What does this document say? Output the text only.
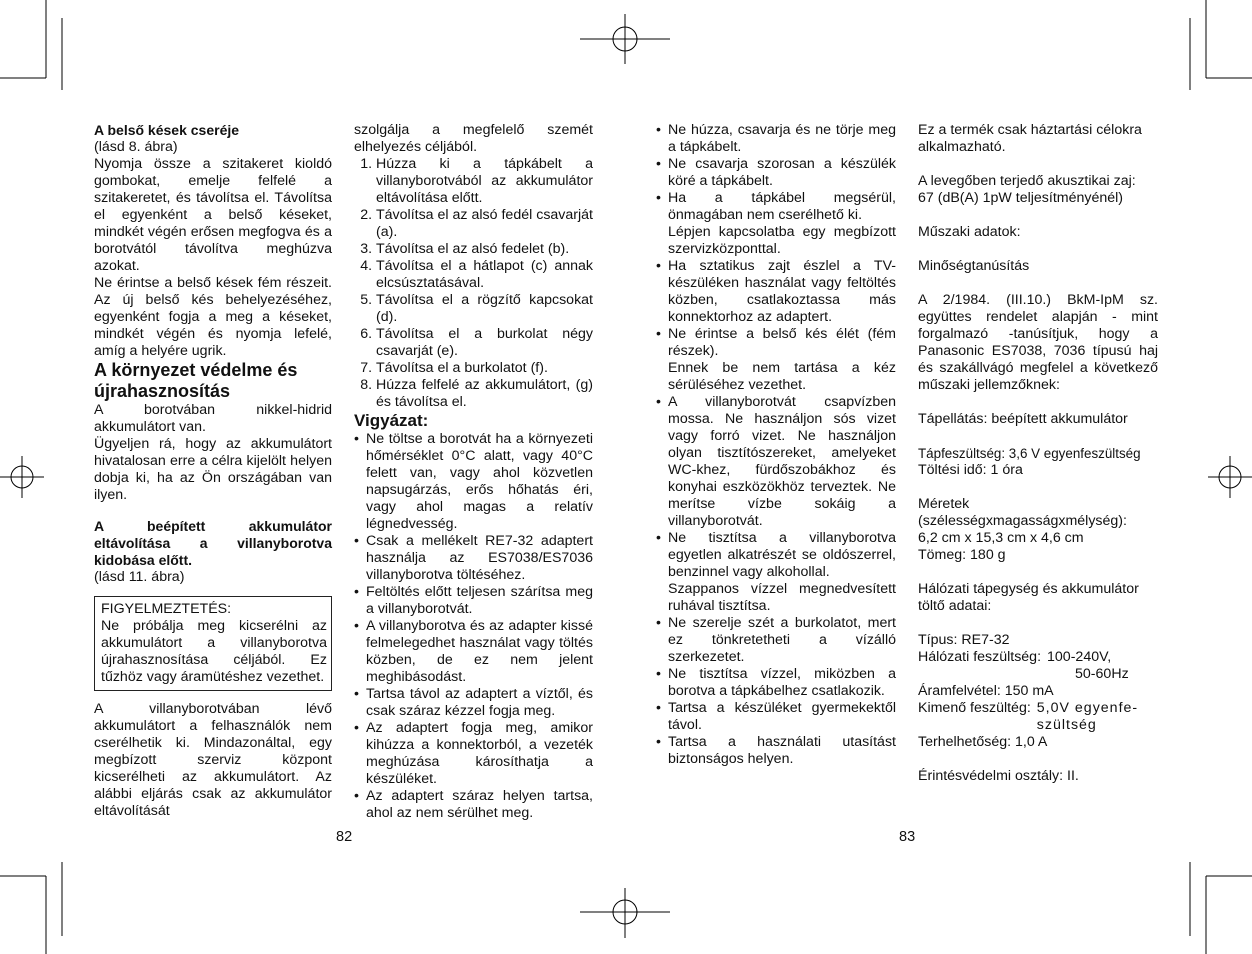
A belső kések cseréje

(lásd 8. ábra)

Nyomja össze a szitakeret kioldó gombokat, emelje felfelé a szitakeretet, és távolítsa el. Távolítsa el egyenként a belső késeket, mindkét végén erősen megfogva és a borotvától távolítva meghúzva azokat.

Ne érintse a belső kések fém részeit. Az új belső kés behelyezéséhez, egyenként fogja a meg a késeket, mindkét végén és nyomja lefelé, amíg a helyére ugrik.

A környezet védelme és újrahasznosítás

A borotvában nikkel-hidrid akkumulátort van.

Ügyeljen rá, hogy az akkumulátort hivatalosan erre a célra kijelölt helyen dobja ki, ha az Ön országában van ilyen.

A beépített akkumulátor eltávolítása a villanyborotva kidobása előtt.

(lásd 11. ábra)

FIGYELMEZTETÉS:

Ne próbálja meg kicserélni az akkumulátort a villanyborotva újrahasznosítása céljából. Ez tűzhöz vagy áramütéshez vezethet.

A villanyborotvában lévő akkumulátort a felhasználók nem cserélhetik ki. Mindazonáltal, egy megbízott szerviz központ kicserélheti az akkumulátort. Az alábbi eljárás csak az akkumulátor eltávolítását

szolgálja a megfelelő szemét elhelyezés céljából.

1. Húzza ki a tápkábelt a villanyborotvából az akkumulátor eltávolítása előtt.
2. Távolítsa el az alsó fedél csavarját (a).
3. Távolítsa el az alsó fedelet (b).
4. Távolítsa el a hátlapot (c) annak elcsúsztatásával.
5. Távolítsa el a rögzítő kapcsokat (d).
6. Távolítsa el a burkolat négy csavarját (e).
7. Távolítsa el a burkolatot (f).
8. Húzza felfelé az akkumulátort, (g) és távolítsa el.

Vigyázat:

• Ne töltse a borotvát ha a környezeti hőmérséklet 0°C alatt, vagy 40°C felett van, vagy ahol közvetlen napsugárzás, erős hőhatás éri, vagy ahol magas a relatív légnedvesség.
• Csak a mellékelt RE7-32 adaptert használja az ES7038/ES7036 villanyborotva töltéséhez.
• Feltöltés előtt teljesen szárítsa meg a villanyborotvát.
• A villanyborotva és az adapter kissé felmelegedhet használat vagy töltés közben, de ez nem jelent meghibásodást.
• Tartsa távol az adaptert a víztől, és csak száraz kézzel fogja meg.
• Az adaptert fogja meg, amikor kihúzza a konnektorból, a vezeték meghúzása károsíthatja a készüléket.
• Az adaptert száraz helyen tartsa, ahol az nem sérülhet meg.
82
• Ne húzza, csavarja és ne törje meg a tápkábelt.
• Ne csavarja szorosan a készülék köré a tápkábelt.
• Ha a tápkábel megsérül, önmagában nem cserélhető ki.
Lépjen kapcsolatba egy megbízott szervizközponttal.
• Ha sztatikus zajt észlel a TV-készüléken használat vagy feltöltés közben, csatlakoztassa más konnektorhoz az adaptert.
• Ne érintse a belső kés élét (fém részek).
Ennek be nem tartása a kéz sérüléséhez vezethet.
• A villanyborotvát csapvízben mossa. Ne használjon sós vizet vagy forró vizet. Ne használjon olyan tisztítószereket, amelyeket WC-khez, fürdőszobákhoz és konyhai eszközökhöz terveztek. Ne merítse vízbe sokáig a villanyborotvát.
• Ne tisztítsa a villanyborotva egyetlen alkatrészét se oldószerrel, benzinnel vagy alkohollal.
Szappanos vízzel megnedvesített ruhával tisztítsa.
• Ne szerelje szét a burkolatot, mert ez tönkretetheti a vízálló szerkezetet.
• Ne tisztítsa vízzel, miközben a borotva a tápkábelhez csatlakozik.
• Tartsa a készüléket gyermekektől távol.
• Tartsa a használati utasítást biztonságos helyen.

Ez a termék csak háztartási célokra alkalmazható.

A levegőben terjedő akusztikai zaj:

67 (dB(A) 1pW teljesítményénél)

Műszaki adatok:

Minőségtanúsítás

A 2/1984. (III.10.) BkM-IpM sz. együttes rendelet alapján - mint forgalmazó -tanúsítjuk, hogy a Panasonic ES7038, 7036 típusú haj és szakállvágó megfelel a következő műszaki jellemzőknek:

Tápellátás: beépített akkumulátor

Tápfeszültség: 3,6 V egyenfeszültség

Töltési idő: 1 óra

Méretek

(szélességxmagasságxmélység):

6,2 cm x 15,3 cm x 4,6 cm

Tömeg: 180 g

Hálózati tápegység és akkumulátor töltő adatai:

Típus: RE7-32

Hálózati feszültség: 100-240V,
50-60Hz

Áramfelvétel: 150 mA

Kimenő feszültég: 5,0V egyenfe-
szültség

Terhelhetőség: 1,0 A

Érintésvédelmi osztály: II.

83
